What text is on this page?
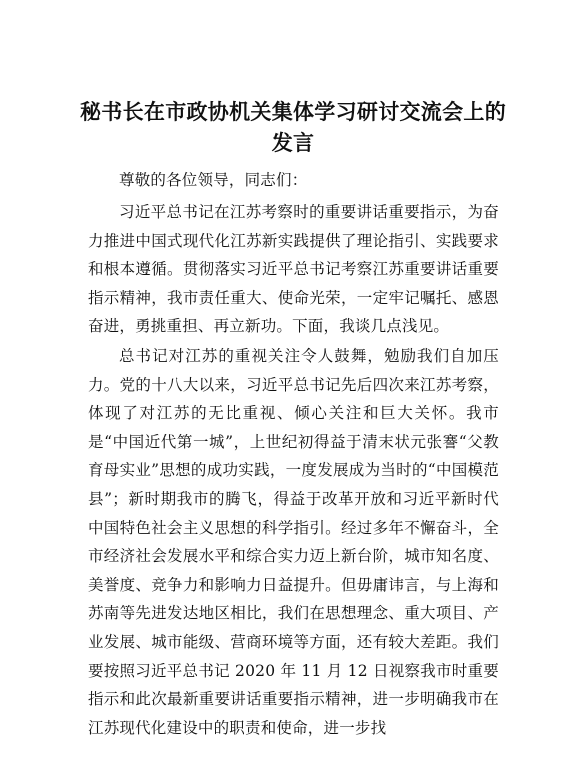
秘书长在市政协机关集体学习研讨交流会上的发言
尊敬的各位领导，同志们：
习近平总书记在江苏考察时的重要讲话重要指示，为奋力推进中国式现代化江苏新实践提供了理论指引、实践要求和根本遵循。贯彻落实习近平总书记考察江苏重要讲话重要指示精神，我市责任重大、使命光荣，一定牢记嘱托、感恩奋进，勇挑重担、再立新功。下面，我谈几点浅见。
总书记对江苏的重视关注令人鼓舞，勉励我们自加压力。党的十八大以来，习近平总书记先后四次来江苏考察，体现了对江苏的无比重视、倾心关注和巨大关怀。我市是“中国近代第一城”，上世纪初得益于清末状元张謇“父教育母实业”思想的成功实践，一度发展成为当时的“中国模范县”；新时期我市的腾飞，得益于改革开放和习近平新时代中国特色社会主义思想的科学指引。经过多年不懈奋斗，全市经济社会发展水平和综合实力迈上新台阶，城市知名度、美誉度、竞争力和影响力日益提升。但毋庸讳言，与上海和苏南等先进发达地区相比，我们在思想理念、重大项目、产业发展、城市能级、营商环境等方面，还有较大差距。我们要按照习近平总书记 2020 年 11 月 12 日视察我市时重要指示和此次最新重要讲话重要指示精神，进一步明确我市在江苏现代化建设中的职责和使命，进一步找
